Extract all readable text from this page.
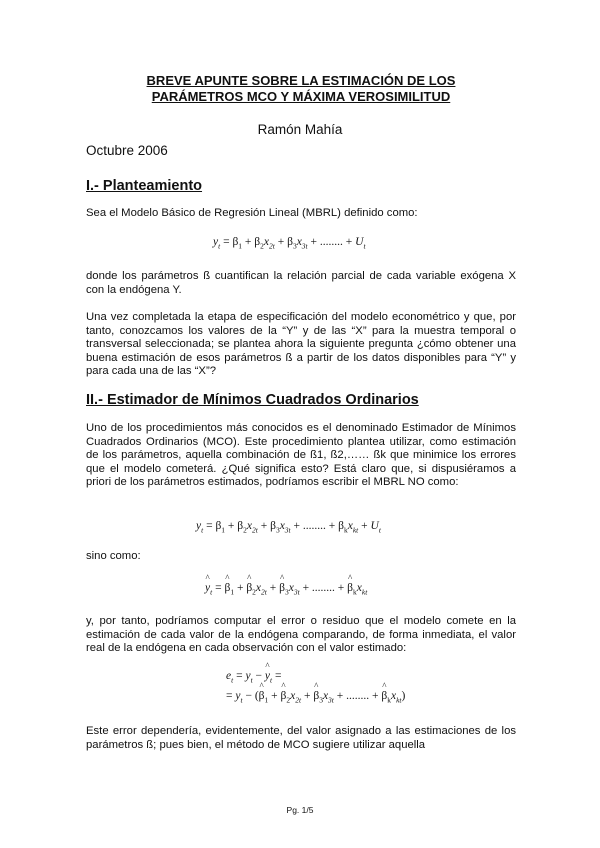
BREVE APUNTE SOBRE LA ESTIMACIÓN DE LOS
PARÁMETROS MCO Y MÁXIMA VEROSIMILITUD
Ramón Mahía
Octubre 2006
I.- Planteamiento

Sea el Modelo Básico de Regresión Lineal (MBRL) definido como:

$y_t = \beta_1 + \beta_2x_{2t} + \beta_3x_{3t}$ + ........ + $U_t$

donde los parámetros ß cuantifican la relación parcial de cada variable exógena X con la endógena Y.

Una vez completada la etapa de especificación del modelo econométrico y que, por tanto, conozcamos los valores de la “Y” y de las “X” para la muestra temporal o transversal seleccionada; se plantea ahora la siguiente pregunta ¿cómo obtener una buena estimación de esos parámetros ß a partir de los datos disponibles para “Y” y para cada una de las “X”?

II.- Estimador de Mínimos Cuadrados Ordinarios

Uno de los procedimientos más conocidos es el denominado Estimador de Mínimos Cuadrados Ordinarios (MCO). Este procedimiento plantea utilizar, como estimación de los parámetros, aquella combinación de ß1, ß2,…… ßk que minimice los errores que el modelo cometerá. ¿Qué significa esto? Está claro que, si dispusiéramos a priori de los parámetros estimados, podríamos escribir el MBRL NO como:

$y_t = \beta_1 + \beta_2x_{2t} + \beta_3x_{3t}$ + ........ + $\beta_kx_{kt} + U_t$

sino como:

^ $y_t$ = ^ $\beta_1$ + ^ $\beta_2x_{2t}$ + ^ $\beta_3x_{3t}$ + ........ + ^ $\beta_kx_{kt}$

y, por tanto, podríamos computar el error o residuo que el modelo comete en la estimación de cada valor de la endógena comparando, de forma inmediata, el valor real de la endógena en cada observación con el valor estimado:

$e_t = y_t$ − ^ $y_t$ =
= $y_t$ − (^ $\beta_1$ + ^ $\beta_2x_{2t}$ + ^ $\beta_3x_{3t}$ + ........ + ^ $\beta_kx_{kt}$)

Este error dependería, evidentemente, del valor asignado a las estimaciones de los parámetros ß; pues bien, el método de MCO sugiere utilizar aquella

Pg. 1/5
